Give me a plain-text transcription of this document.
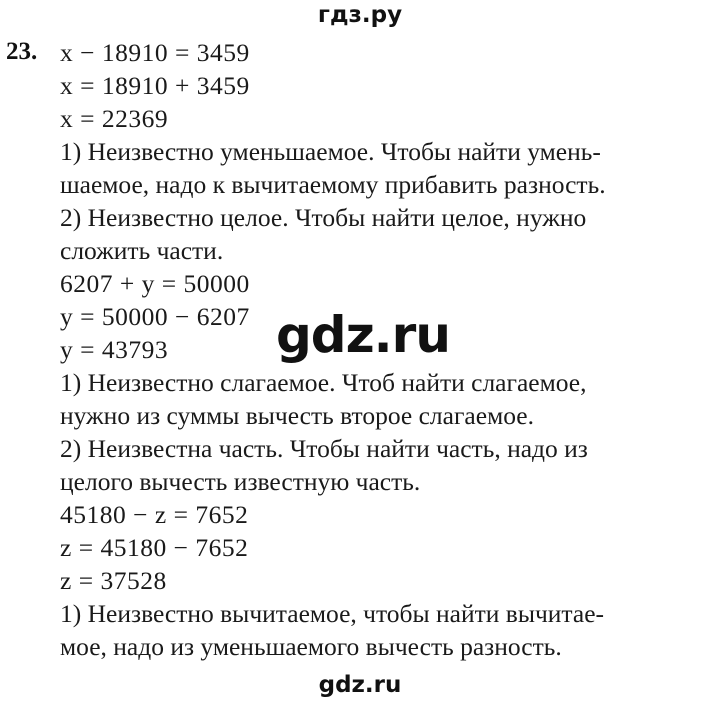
гдз.ру
23. x − 18910 = 3459
x = 18910 + 3459
x = 22369
1) Неизвестно уменьшаемое. Чтобы найти умень-
шаемое, надо к вычитаемому прибавить разность.
2) Неизвестно целое. Чтобы найти целое, нужно
сложить части.
6207 + y = 50000
y = 50000 − 6207
y = 43793
1) Неизвестно слагаемое. Чтоб найти слагаемое,
нужно из суммы вычесть второе слагаемое.
2) Неизвестна часть. Чтобы найти часть, надо из
целого вычесть известную часть.
45180 − z = 7652
z = 45180 − 7652
z = 37528
1) Неизвестно вычитаемое, чтобы найти вычитае-
мое, надо из уменьшаемого вычесть разность.
gdz.ru
gdz.ru
